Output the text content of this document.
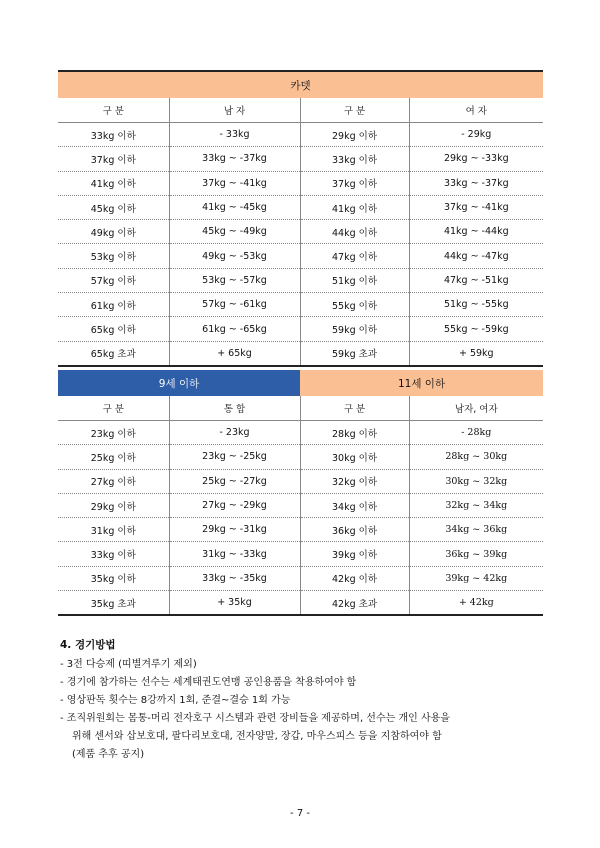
카뎃			
구 분	남 자	구 분	여 자
33kg 이하	- 33kg	29kg 이하	- 29kg
37kg 이하	33kg ~ -37kg	33kg 이하	29kg ~ -33kg
41kg 이하	37kg ~ -41kg	37kg 이하	33kg ~ -37kg
45kg 이하	41kg ~ -45kg	41kg 이하	37kg ~ -41kg
49kg 이하	45kg ~ -49kg	44kg 이하	41kg ~ -44kg
53kg 이하	49kg ~ -53kg	47kg 이하	44kg ~ -47kg
57kg 이하	53kg ~ -57kg	51kg 이하	47kg ~ -51kg
61kg 이하	57kg ~ -61kg	55kg 이하	51kg ~ -55kg
65kg 이하	61kg ~ -65kg	59kg 이하	55kg ~ -59kg
65kg 초과	+ 65kg	59kg 초과	+ 59kg
9세 이하		11세 이하	
구 분	통 합	구 분	남자, 여자
23kg 이하	- 23kg	28kg 이하	- 28kg
25kg 이하	23kg ~ -25kg	30kg 이하	28kg ~ 30kg
27kg 이하	25kg ~ -27kg	32kg 이하	30kg ~ 32kg
29kg 이하	27kg ~ -29kg	34kg 이하	32kg ~ 34kg
31kg 이하	29kg ~ -31kg	36kg 이하	34kg ~ 36kg
33kg 이하	31kg ~ -33kg	39kg 이하	36kg ~ 39kg
35kg 이하	33kg ~ -35kg	42kg 이하	39kg ~ 42kg
35kg 초과	+ 35kg	42kg 초과	+ 42kg
4. 경기방법
- 3전 다승제 (띠별겨루기 제외)
- 경기에 참가하는 선수는 세계태권도연맹 공인용품을 착용하여야 함
- 영상판독 횟수는 8강까지 1회, 준결~결승 1회 가능
- 조직위원회는 몸통-머리 전자호구 시스템과 관련 장비들을 제공하며, 선수는 개인 사용을
위해 센서와 삽보호대, 팔다리보호대, 전자양말, 장갑, 마우스피스 등을 지참하여야 함
(제품 추후 공지)
- 7 -
